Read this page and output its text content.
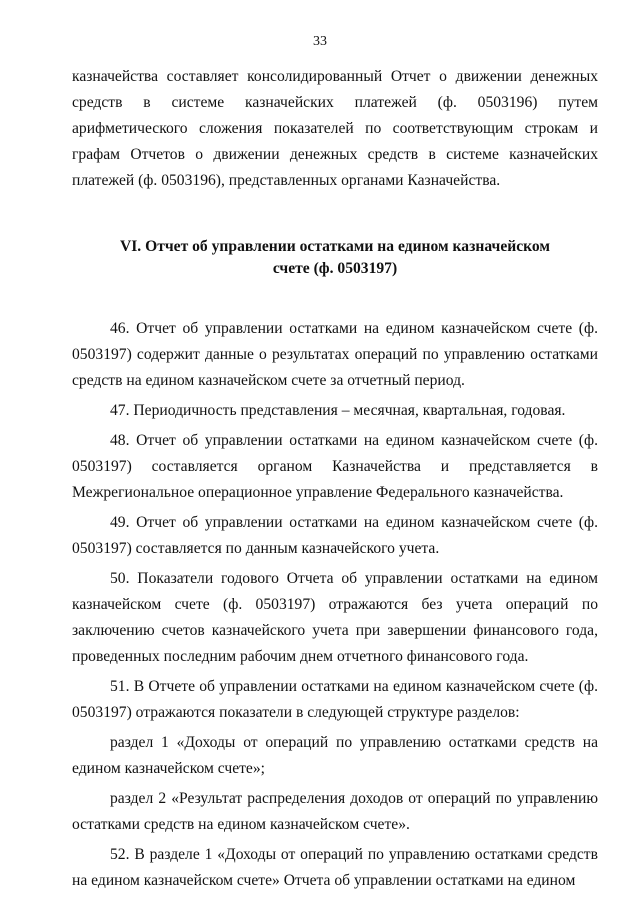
33

казначейства составляет консолидированный Отчет о движении денежных средств в системе казначейских платежей (ф. 0503196) путем арифметического сложения показателей по соответствующим строкам и графам Отчетов о движении денежных средств в системе казначейских платежей (ф. 0503196), представленных органами Казначейства.

VI. Отчет об управлении остатками на едином казначейском
счете (ф. 0503197)

46. Отчет об управлении остатками на едином казначейском счете (ф. 0503197) содержит данные о результатах операций по управлению остатками средств на едином казначейском счете за отчетный период.

47. Периодичность представления – месячная, квартальная, годовая.

48. Отчет об управлении остатками на едином казначейском счете (ф. 0503197) составляется органом Казначейства и представляется в Межрегиональное операционное управление Федерального казначейства.

49. Отчет об управлении остатками на едином казначейском счете (ф. 0503197) составляется по данным казначейского учета.

50. Показатели годового Отчета об управлении остатками на едином казначейском счете (ф. 0503197) отражаются без учета операций по заключению счетов казначейского учета при завершении финансового года, проведенных последним рабочим днем отчетного финансового года.

51. В Отчете об управлении остатками на едином казначейском счете (ф. 0503197) отражаются показатели в следующей структуре разделов:

раздел 1 «Доходы от операций по управлению остатками средств на едином казначейском счете»;

раздел 2 «Результат распределения доходов от операций по управлению остатками средств на едином казначейском счете».

52. В разделе 1 «Доходы от операций по управлению остатками средств на едином казначейском счете» Отчета об управлении остатками на едином
